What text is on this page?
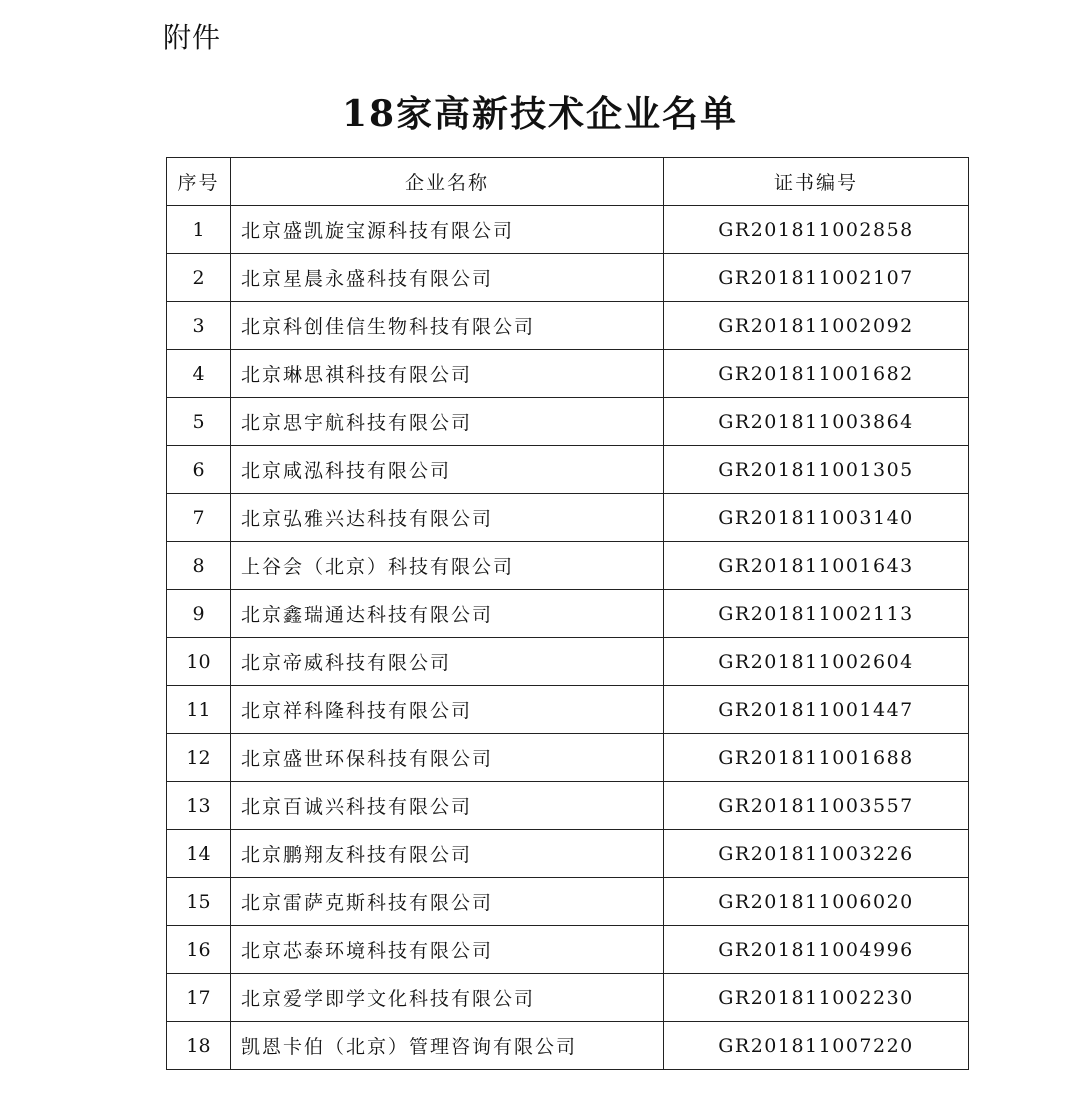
附件
18家高新技术企业名单
序号	企业名称	证书编号
1	北京盛凯旋宝源科技有限公司	GR201811002858
2	北京星晨永盛科技有限公司	GR201811002107
3	北京科创佳信生物科技有限公司	GR201811002092
4	北京琳思祺科技有限公司	GR201811001682
5	北京思宇航科技有限公司	GR201811003864
6	北京咸泓科技有限公司	GR201811001305
7	北京弘雅兴达科技有限公司	GR201811003140
8	上谷会（北京）科技有限公司	GR201811001643
9	北京鑫瑞通达科技有限公司	GR201811002113
10	北京帝威科技有限公司	GR201811002604
11	北京祥科隆科技有限公司	GR201811001447
12	北京盛世环保科技有限公司	GR201811001688
13	北京百诚兴科技有限公司	GR201811003557
14	北京鹏翔友科技有限公司	GR201811003226
15	北京雷萨克斯科技有限公司	GR201811006020
16	北京芯泰环境科技有限公司	GR201811004996
17	北京爱学即学文化科技有限公司	GR201811002230
18	凯恩卡伯（北京）管理咨询有限公司	GR201811007220
